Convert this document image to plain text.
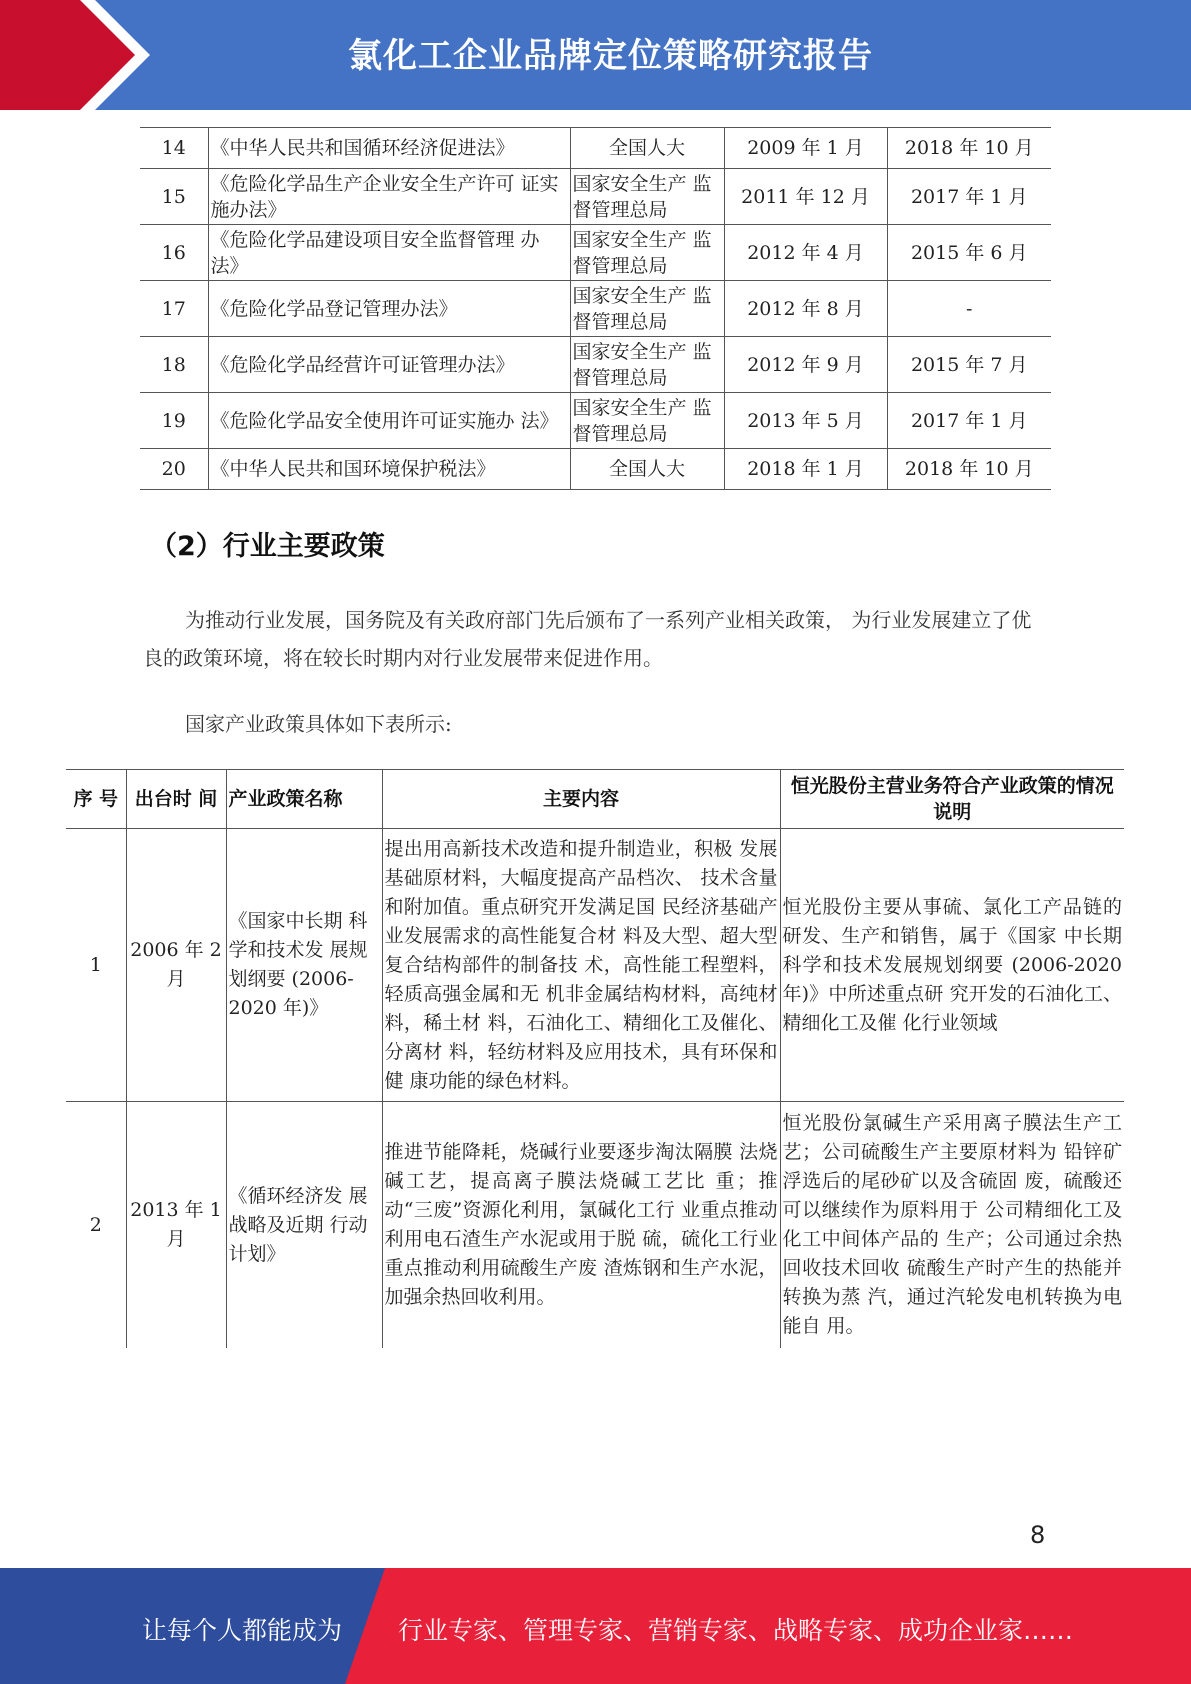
氯化工企业品牌定位策略研究报告
14	《中华人民共和国循环经济促进法》	全国人大	2009 年 1 月	2018 年 10 月
15	《危险化学品生产企业安全生产许可 证实施办法》	国家安全生产 监督管理总局	2011 年 12 月	2017 年 1 月
16	《危险化学品建设项目安全监督管理 办法》	国家安全生产 监督管理总局	2012 年 4 月	2015 年 6 月
17	《危险化学品登记管理办法》	国家安全生产 监督管理总局	2012 年 8 月	-
18	《危险化学品经营许可证管理办法》	国家安全生产 监督管理总局	2012 年 9 月	2015 年 7 月
19	《危险化学品安全使用许可证实施办 法》	国家安全生产 监督管理总局	2013 年 5 月	2017 年 1 月
20	《中华人民共和国环境保护税法》	全国人大	2018 年 1 月	2018 年 10 月
（2）行业主要政策

为推动行业发展，国务院及有关政府部门先后颁布了一系列产业相关政策， 为行业发展建立了优良的政策环境，将在较长时期内对行业发展带来促进作用。

国家产业政策具体如下表所示:

序 号	出台时 间	产业政策名称	主要内容	恒光股份主营业务符合产业政策的情况说明
1	2006 年 2 月	《国家中长期 科学和技术发 展规划纲要 (2006-2020 年)》	提出用高新技术改造和提升制造业，积极 发展基础原材料，大幅度提高产品档次、 技术含量和附加值。重点研究开发满足国 民经济基础产业发展需求的高性能复合材 料及大型、超大型复合结构部件的制备技 术，高性能工程塑料，轻质高强金属和无 机非金属结构材料，高纯材料，稀土材 料，石油化工、精细化工及催化、分离材 料，轻纺材料及应用技术，具有环保和健 康功能的绿色材料。	恒光股份主要从事硫、氯化工产品链的研发、生产和销售，属于《国家 中长期科学和技术发展规划纲要 (2006-2020 年)》中所述重点研 究开发的石油化工、精细化工及催 化行业领域
2	2013 年 1 月	《循环经济发 展战略及近期 行动计划》	推进节能降耗，烧碱行业要逐步淘汰隔膜 法烧碱工艺，提高离子膜法烧碱工艺比 重；推动“三废”资源化利用，氯碱化工行 业重点推动利用电石渣生产水泥或用于脱 硫，硫化工行业重点推动利用硫酸生产废 渣炼钢和生产水泥，加强余热回收利用。	恒光股份氯碱生产采用离子膜法生产工艺；公司硫酸生产主要原材料为 铅锌矿浮选后的尾砂矿以及含硫固 废，硫酸还可以继续作为原料用于 公司精细化工及化工中间体产品的 生产；公司通过余热回收技术回收 硫酸生产时产生的热能并转换为蒸 汽，通过汽轮发电机转换为电能自 用。
8
让每个人都能成为 行业专家、管理专家、营销专家、战略专家、成功企业家……
